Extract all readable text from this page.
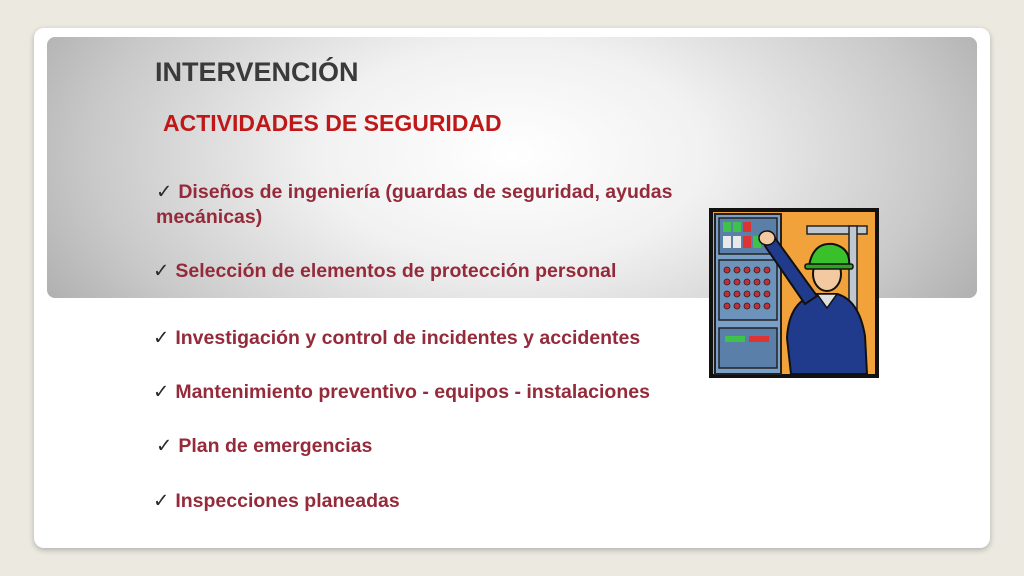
INTERVENCIÓN
ACTIVIDADES DE SEGURIDAD

✓ Diseños de ingeniería (guardas de seguridad, ayudas mecánicas)

✓ Selección de elementos de protección personal

✓ Investigación y control de incidentes y accidentes

✓ Mantenimiento preventivo - equipos - instalaciones

✓ Plan de emergencias

✓ Inspecciones planeadas
